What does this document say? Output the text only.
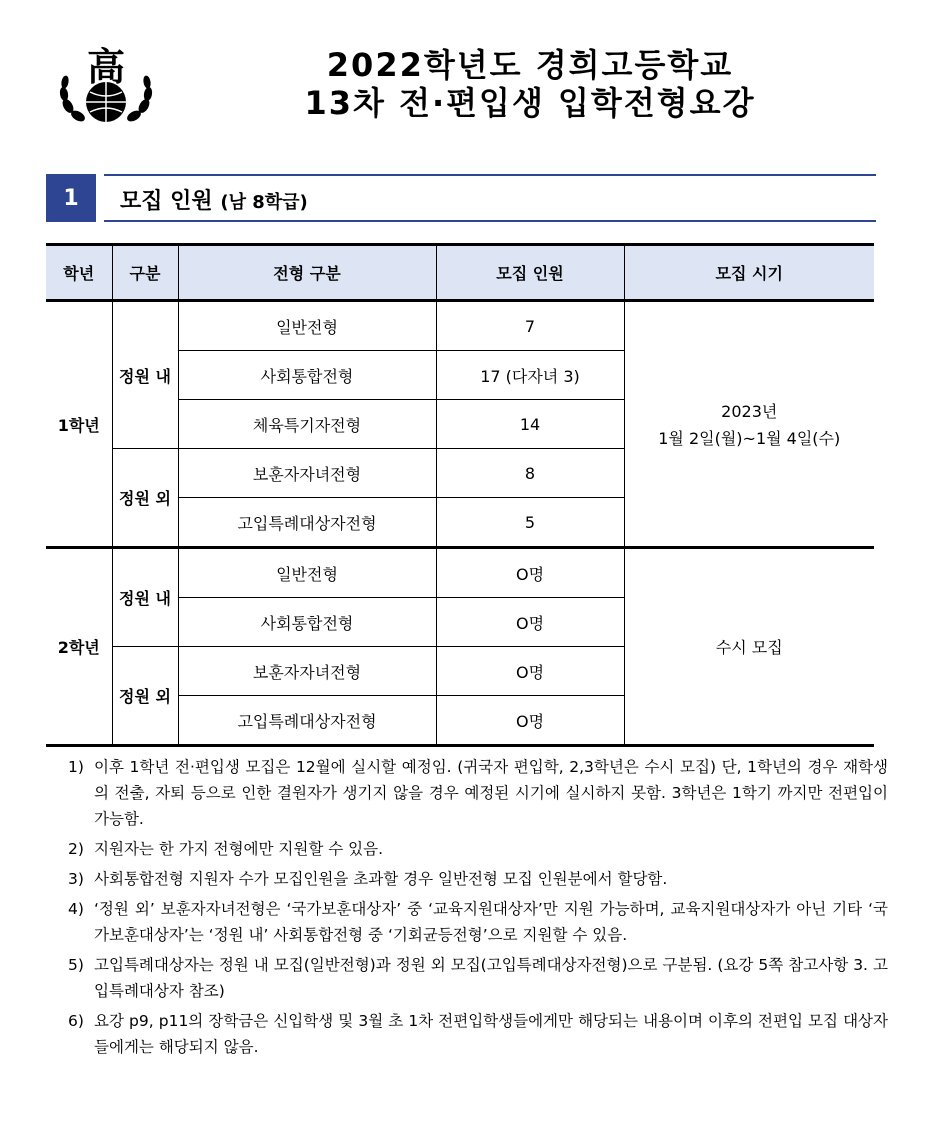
高	2022학년도 경희고등학교
13차 전·편입생 입학전형요강
1	모집 인원 (남 8학급)
학년	구분	전형 구분	모집 인원	모집 시기
1학년	정원 내	일반전형	7	2023년
1월 2일(월)~1월 4일(수)

		사회통합전형	17 (다자녀 3)	
		체육특기자전형	14	
	정원 외	보훈자자녀전형	8	
		고입특례대상자전형	5	
2학년	정원 내	일반전형	O명	수시 모집
		사회통합전형	O명	
	정원 외	보훈자자녀전형	O명	
		고입특례대상자전형	O명	
1) 이후 1학년 전·편입생 모집은 12월에 실시할 예정임. (귀국자 편입학, 2,3학년은 수시 모집) 단, 1학년의 경우 재학생의 전출, 자퇴 등으로 인한 결원자가 생기지 않을 경우 예정된 시기에 실시하지 못함. 3학년은 1학기 까지만 전편입이 가능함.
2) 지원자는 한 가지 전형에만 지원할 수 있음.
3) 사회통합전형 지원자 수가 모집인원을 초과할 경우 일반전형 모집 인원분에서 할당함.
4) ‘정원 외’ 보훈자자녀전형은 ‘국가보훈대상자’ 중 ‘교육지원대상자’만 지원 가능하며, 교육지원대상자가 아닌 기타 ‘국가보훈대상자’는 ‘정원 내’ 사회통합전형 중 ‘기회균등전형’으로 지원할 수 있음.
5) 고입특례대상자는 정원 내 모집(일반전형)과 정원 외 모집(고입특례대상자전형)으로 구분됨. (요강 5쪽 참고사항 3. 고입특례대상자 참조)
6) 요강 p9, p11의 장학금은 신입학생 및 3월 초 1차 전편입학생들에게만 해당되는 내용이며 이후의 전편입 모집 대상자들에게는 해당되지 않음.
